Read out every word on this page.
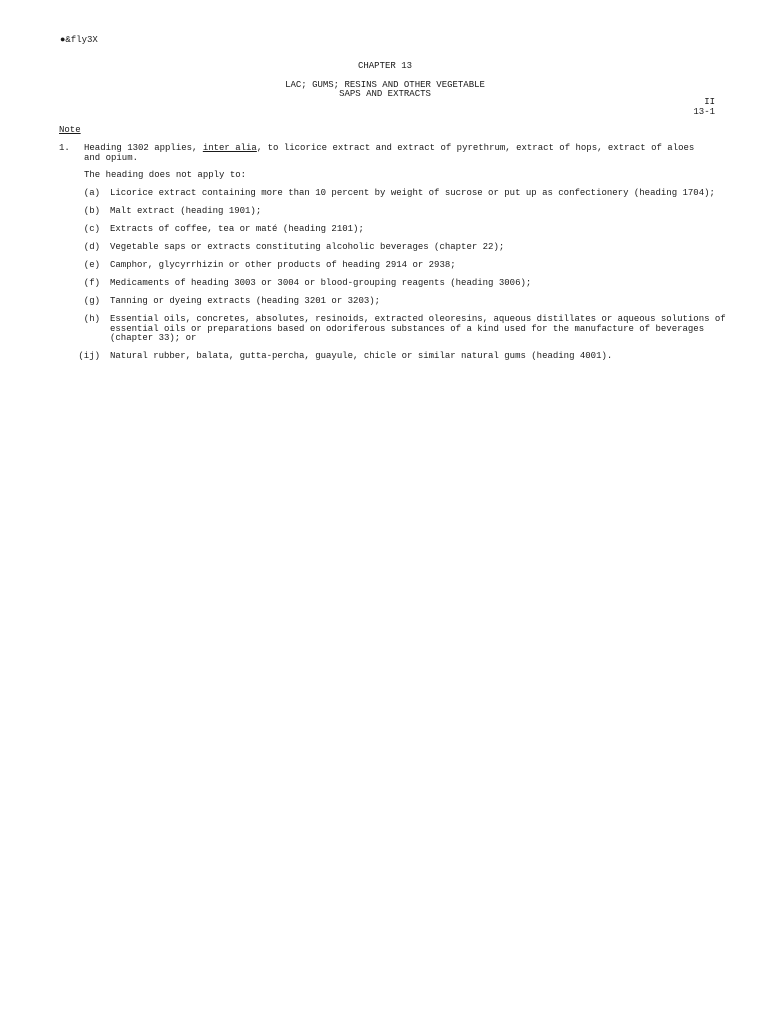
●&fly3X
CHAPTER 13
LAC; GUMS; RESINS AND OTHER VEGETABLE
SAPS AND EXTRACTS
II
13-1
Note
1. Heading 1302 applies, inter alia, to licorice extract and extract of pyrethrum, extract of hops, extract of aloes and opium.
The heading does not apply to:
(a) Licorice extract containing more than 10 percent by weight of sucrose or put up as confectionery (heading 1704);
(b) Malt extract (heading 1901);
(c) Extracts of coffee, tea or maté (heading 2101);
(d) Vegetable saps or extracts constituting alcoholic beverages (chapter 22);
(e) Camphor, glycyrrhizin or other products of heading 2914 or 2938;
(f) Medicaments of heading 3003 or 3004 or blood-grouping reagents (heading 3006);
(g) Tanning or dyeing extracts (heading 3201 or 3203);
(h) Essential oils, concretes, absolutes, resinoids, extracted oleoresins, aqueous distillates or aqueous solutions of essential oils or preparations based on odoriferous substances of a kind used for the manufacture of beverages (chapter 33); or
(ij) Natural rubber, balata, gutta-percha, guayule, chicle or similar natural gums (heading 4001).
